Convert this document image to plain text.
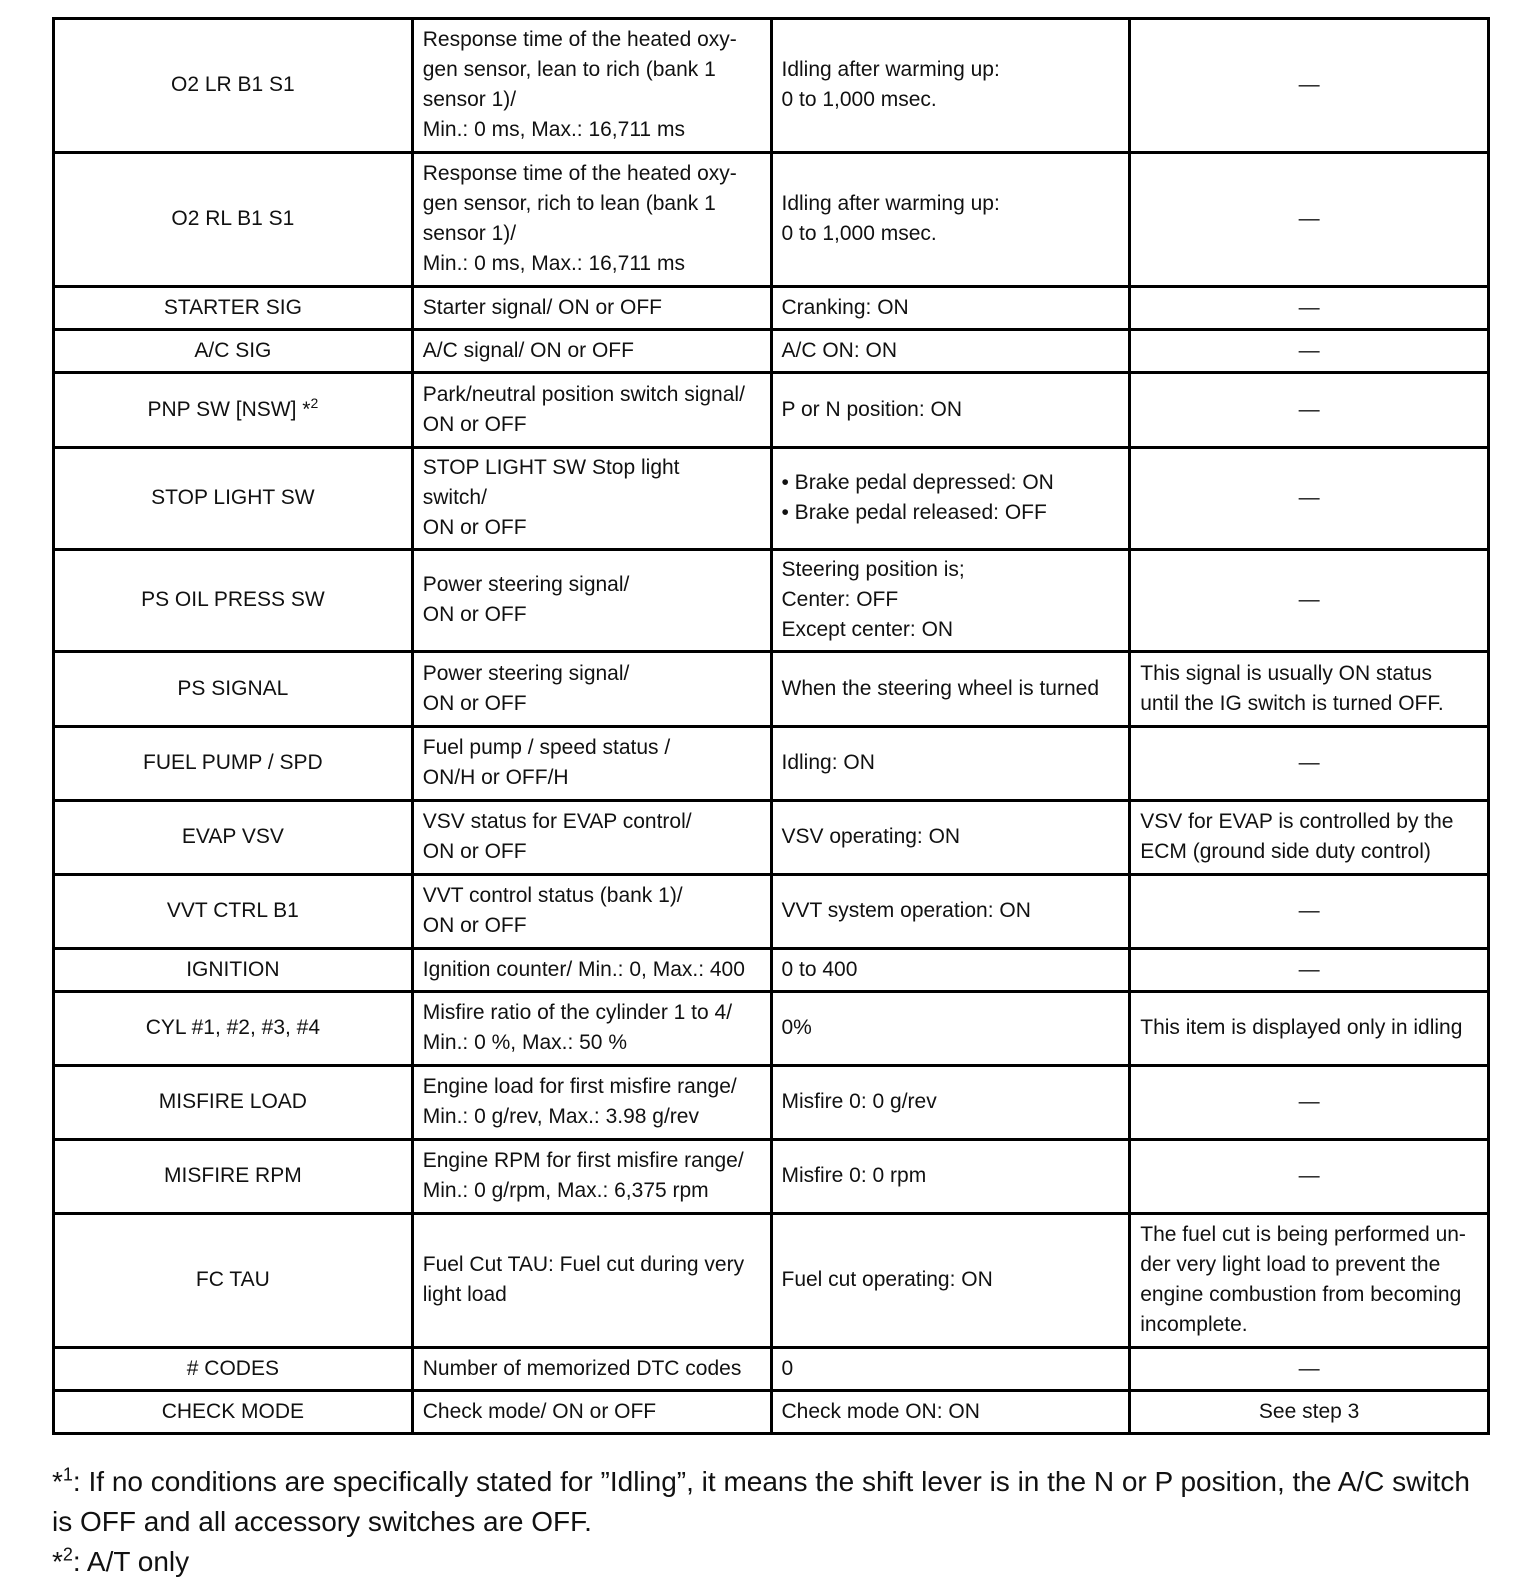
O2 LR B1 S1	Response time of the heated oxy-
gen sensor, lean to rich (bank 1
sensor 1)/
Min.: 0 ms, Max.: 16,711 ms	Idling after warming up:
0 to 1,000 msec.	—
O2 RL B1 S1	Response time of the heated oxy-
gen sensor, rich to lean (bank 1
sensor 1)/
Min.: 0 ms, Max.: 16,711 ms	Idling after warming up:
0 to 1,000 msec.	—
STARTER SIG	Starter signal/ ON or OFF	Cranking: ON	—
A/C SIG	A/C signal/ ON or OFF	A/C ON: ON	—
PNP SW [NSW] *$^2$	Park/neutral position switch signal/
ON or OFF	P or N position: ON	—
STOP LIGHT SW	STOP LIGHT SW Stop light
switch/
ON or OFF	• Brake pedal depressed: ON
• Brake pedal released: OFF	—
PS OIL PRESS SW	Power steering signal/
ON or OFF	Steering position is;
Center: OFF
Except center: ON	—
PS SIGNAL	Power steering signal/
ON or OFF	When the steering wheel is turned	This signal is usually ON status
until the IG switch is turned OFF.
FUEL PUMP / SPD	Fuel pump / speed status /
ON/H or OFF/H	Idling: ON	—
EVAP VSV	VSV status for EVAP control/
ON or OFF	VSV operating: ON	VSV for EVAP is controlled by the
ECM (ground side duty control)
VVT CTRL B1	VVT control status (bank 1)/
ON or OFF	VVT system operation: ON	—
IGNITION	Ignition counter/ Min.: 0, Max.: 400	0 to 400	—
CYL #1, #2, #3, #4	Misfire ratio of the cylinder 1 to 4/
Min.: 0 %, Max.: 50 %	0%	This item is displayed only in idling
MISFIRE LOAD	Engine load for first misfire range/
Min.: 0 g/rev, Max.: 3.98 g/rev	Misfire 0: 0 g/rev	—
MISFIRE RPM	Engine RPM for first misfire range/
Min.: 0 g/rpm, Max.: 6,375 rpm	Misfire 0: 0 rpm	—
FC TAU	Fuel Cut TAU: Fuel cut during very
light load	Fuel cut operating: ON	The fuel cut is being performed un-
der very light load to prevent the
engine combustion from becoming
incomplete.
# CODES	Number of memorized DTC codes	0	—
CHECK MODE	Check mode/ ON or OFF	Check mode ON: ON	See step 3

*$^1$: If no conditions are specifically stated for ”Idling”, it means the shift lever is in the N or P position, the A/C switch is OFF and all accessory switches are OFF.

*$^2$: A/T only
